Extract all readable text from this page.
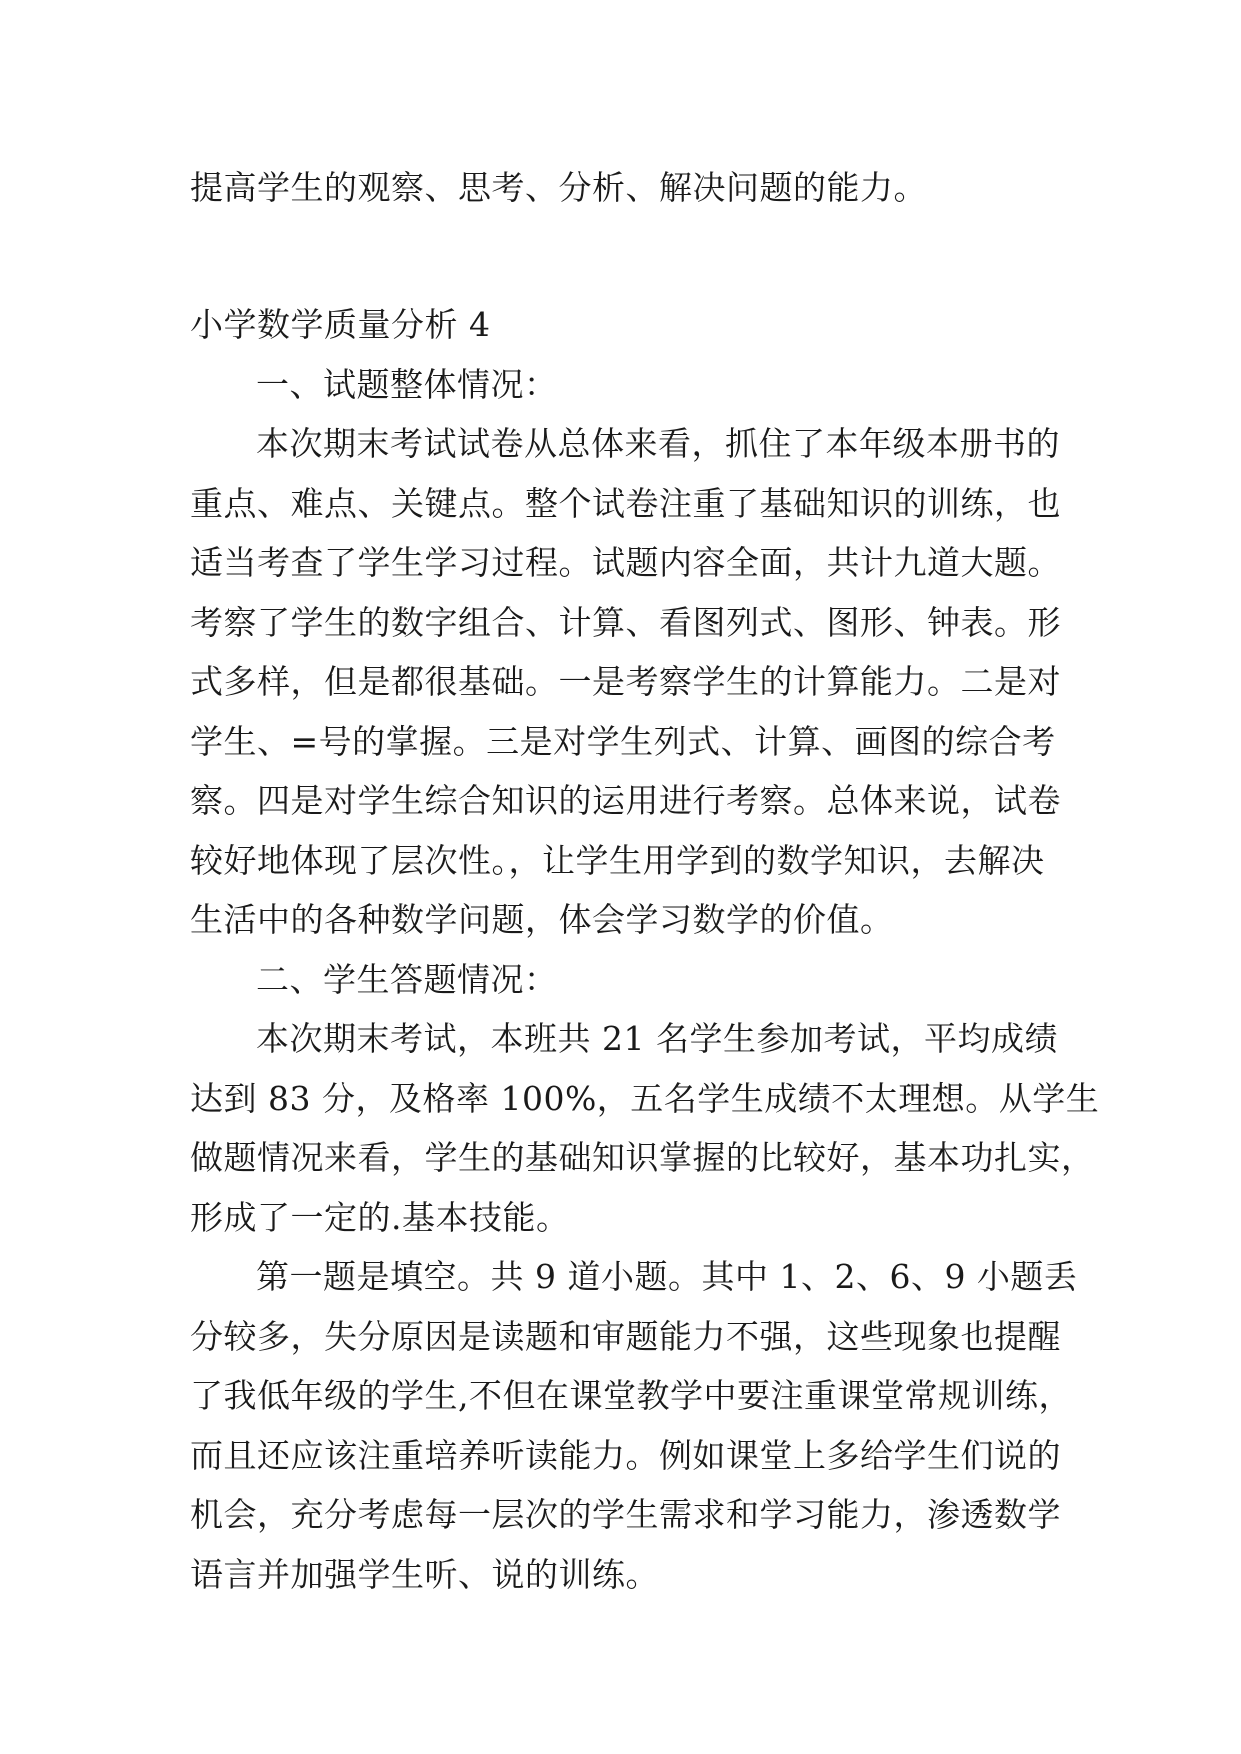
提高学生的观察、思考、分析、解决问题的能力。
小学数学质量分析 4
一、试题整体情况：
本次期末考试试卷从总体来看，抓住了本年级本册书的
重点、难点、关键点。整个试卷注重了基础知识的训练，也
适当考查了学生学习过程。试题内容全面，共计九道大题。
考察了学生的数字组合、计算、看图列式、图形、钟表。形
式多样，但是都很基础。一是考察学生的计算能力。二是对
学生、=号的掌握。三是对学生列式、计算、画图的综合考
察。四是对学生综合知识的运用进行考察。总体来说，试卷
较好地体现了层次性。，让学生用学到的数学知识，去解决
生活中的各种数学问题，体会学习数学的价值。
二、学生答题情况：
本次期末考试，本班共 21 名学生参加考试，平均成绩
达到 83 分，及格率 100%，五名学生成绩不太理想。从学生
做题情况来看，学生的基础知识掌握的比较好，基本功扎实，
形成了一定的.基本技能。
第一题是填空。共 9 道小题。其中 1、2、6、9 小题丢
分较多，失分原因是读题和审题能力不强，这些现象也提醒
了我低年级的学生,不但在课堂教学中要注重课堂常规训练，
而且还应该注重培养听读能力。例如课堂上多给学生们说的
机会，充分考虑每一层次的学生需求和学习能力，渗透数学
语言并加强学生听、说的训练。
